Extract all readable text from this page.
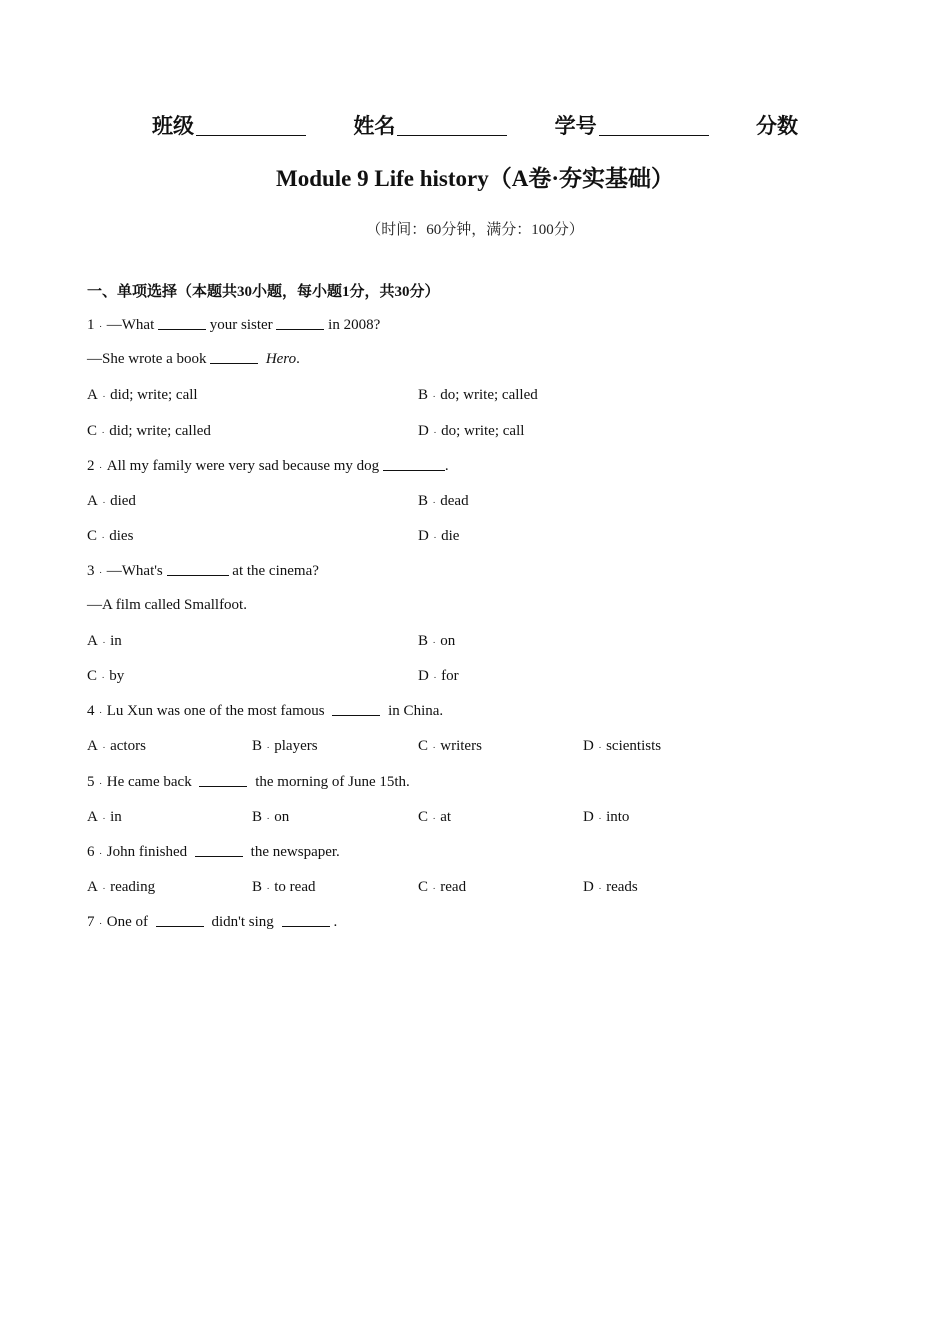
班级	姓名	学号	分数
Module 9 Life history（A卷·夯实基础）
（时间：60分钟，满分：100分）
一、单项选择（本题共30小题，每小题1分，共30分）
1 . —What	your sister	in 2008?
—She wrote a book	Hero.
A . did; write; call	B . do; write; called
C . did; write; called	D . do; write; call
2 . All my family were very sad because my dog	.
A . died	B . dead
C . dies	D . die
3 . —What's	at the cinema?
—A film called Smallfoot.
A . in	B . on
C . by	D . for
4 . Lu Xun was one of the most famous	in China.
A . actors	B . players	C . writers	D . scientists
5 . He came back	the morning of June 15th.
A . in	B . on	C . at	D . into
6 . John finished	the newspaper.
A . reading	B . to read	C . read	D . reads
7 . One of	didn't sing	.
